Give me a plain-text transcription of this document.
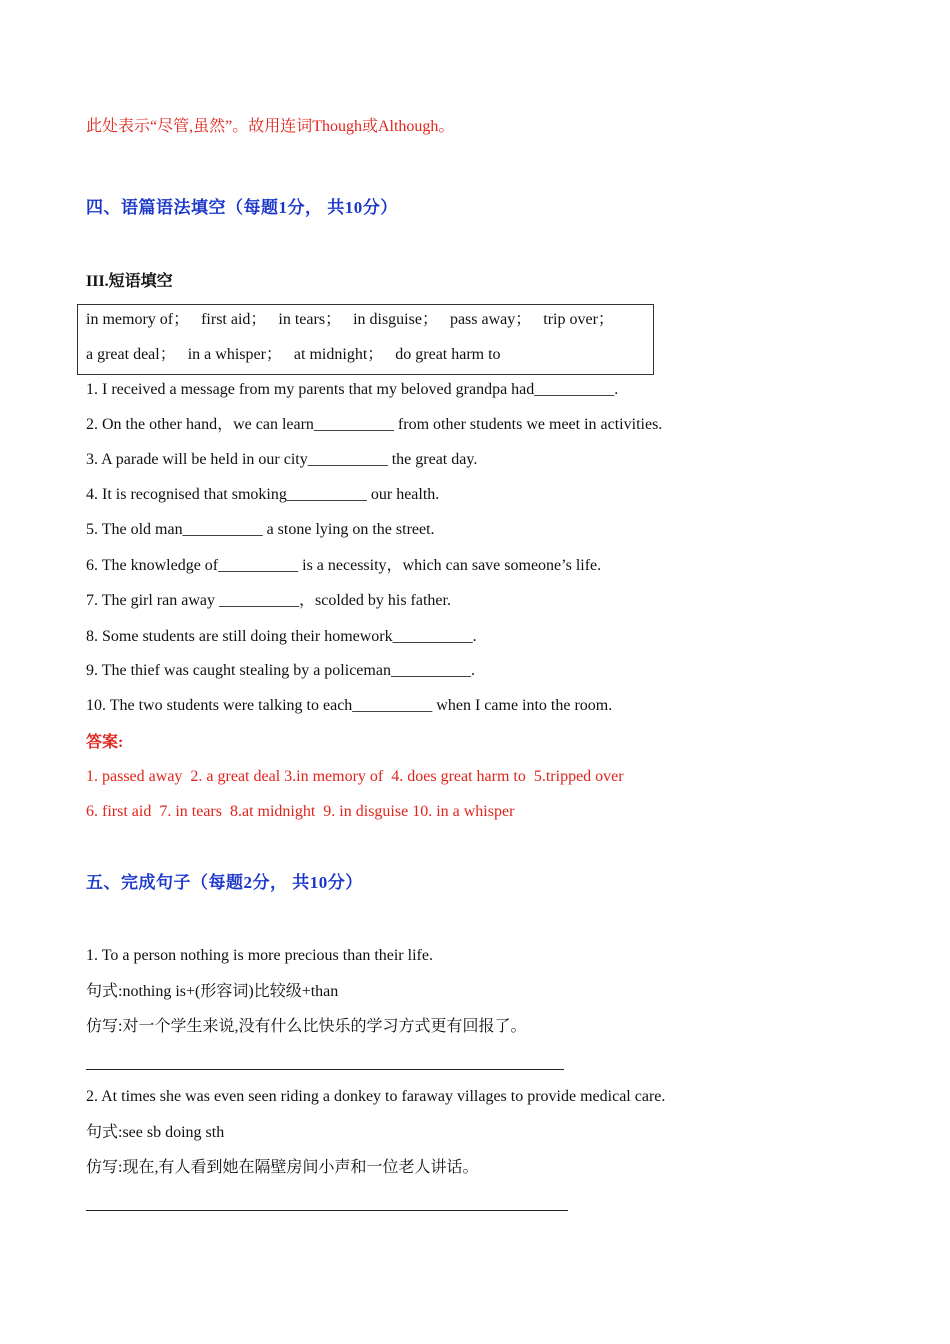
此处表示“尽管,虽然”。故用连词Though或Although。
四、语篇语法填空（每题1分， 共10分）
III.短语填空
in memory of；   first aid；   in tears；   in disguise；   pass away；   trip over；
a great deal；   in a whisper；   at midnight；   do great harm to
1. I received a message from my parents that my beloved grandpa had__________.
2. On the other hand，we can learn__________ from other students we meet in activities.
3. A parade will be held in our city__________ the great day.
4. It is recognised that smoking__________ our health.
5. The old man__________ a stone lying on the street.
6. The knowledge of__________ is a necessity，which can save someone’s life.
7. The girl ran away __________，scolded by his father.
8. Some students are still doing their homework__________.
9. The thief was caught stealing by a policeman__________.
10. The two students were talking to each__________ when I came into the room.
答案:
1. passed away  2. a great deal 3.in memory of  4. does great harm to  5.tripped over
6. first aid  7. in tears  8.at midnight  9. in disguise 10. in a whisper
五、完成句子（每题2分， 共10分）
1. To a person nothing is more precious than their life.
句式:nothing is+(形容词)比较级+than
仿写:对一个学生来说,没有什么比快乐的学习方式更有回报了。
2. At times she was even seen riding a donkey to faraway villages to provide medical care.
句式:see sb doing sth
仿写:现在,有人看到她在隔壁房间小声和一位老人讲话。
